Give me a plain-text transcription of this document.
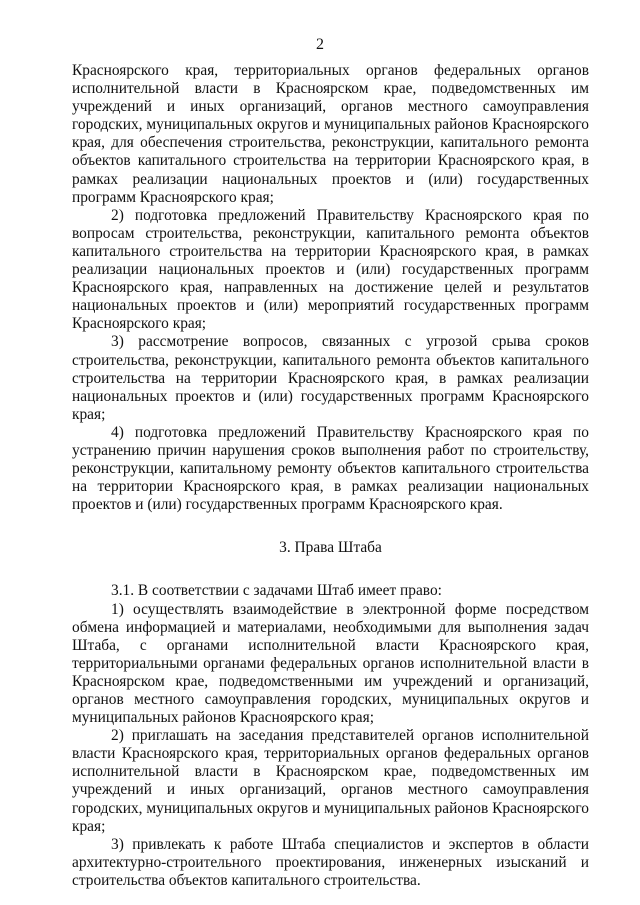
2

Красноярского края, территориальных органов федеральных органов исполнительной власти в Красноярском крае, подведомственных им учреждений и иных организаций, органов местного самоуправления городских, муниципальных округов и муниципальных районов Красноярского края, для обеспечения строительства, реконструкции, капитального ремонта объектов капитального строительства на территории Красноярского края, в рамках реализации национальных проектов и (или) государственных программ Красноярского края;

2) подготовка предложений Правительству Красноярского края по вопросам строительства, реконструкции, капитального ремонта объектов капитального строительства на территории Красноярского края, в рамках реализации национальных проектов и (или) государственных программ Красноярского края, направленных на достижение целей и результатов национальных проектов и (или) мероприятий государственных программ Красноярского края;

3) рассмотрение вопросов, связанных с угрозой срыва сроков строительства, реконструкции, капитального ремонта объектов капитального строительства на территории Красноярского края, в рамках реализации национальных проектов и (или) государственных программ Красноярского края;

4) подготовка предложений Правительству Красноярского края по устранению причин нарушения сроков выполнения работ по строительству, реконструкции, капитальному ремонту объектов капитального строительства на территории Красноярского края, в рамках реализации национальных проектов и (или) государственных программ Красноярского края.

3. Права Штаба

3.1. В соответствии с задачами Штаб имеет право:

1) осуществлять взаимодействие в электронной форме посредством обмена информацией и материалами, необходимыми для выполнения задач Штаба, с органами исполнительной власти Красноярского края, территориальными органами федеральных органов исполнительной власти в Красноярском крае, подведомственными им учреждений и организаций, органов местного самоуправления городских, муниципальных округов и муниципальных районов Красноярского края;

2) приглашать на заседания представителей органов исполнительной власти Красноярского края, территориальных органов федеральных органов исполнительной власти в Красноярском крае, подведомственных им учреждений и иных организаций, органов местного самоуправления городских, муниципальных округов и муниципальных районов Красноярского края;

3) привлекать к работе Штаба специалистов и экспертов в области архитектурно-строительного проектирования, инженерных изысканий и строительства объектов капитального строительства.
